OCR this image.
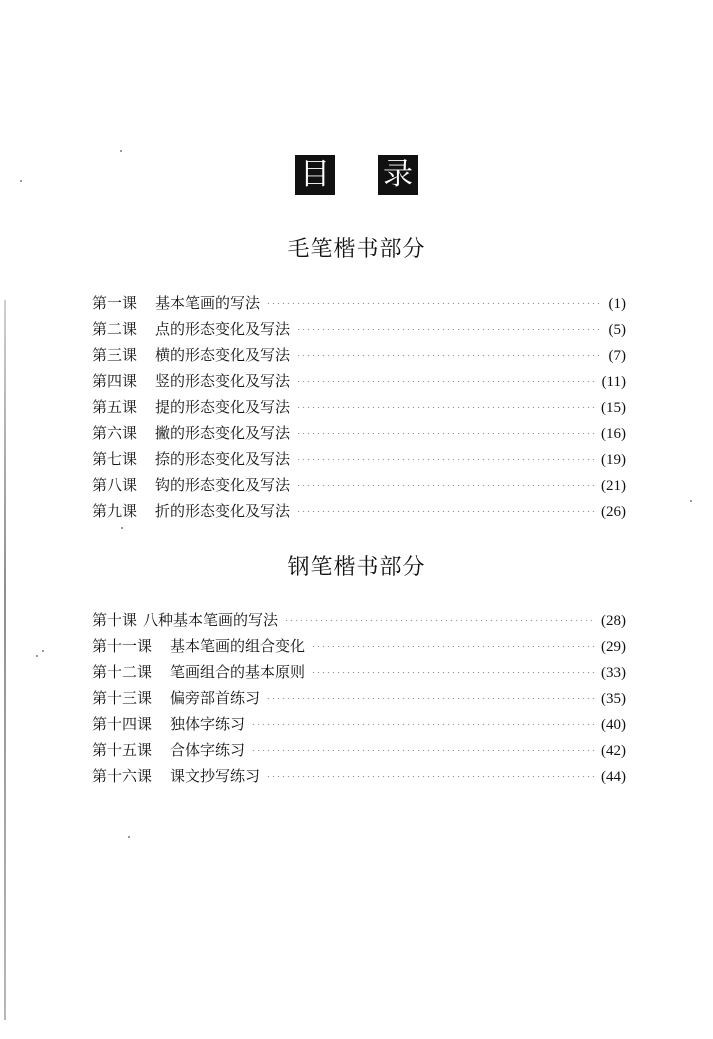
目 录
毛笔楷书部分
第一课 基本笔画的写法	(1)
第二课 点的形态变化及写法	(5)
第三课 横的形态变化及写法	(7)
第四课 竖的形态变化及写法	(11)
第五课 提的形态变化及写法	(15)
第六课 撇的形态变化及写法	(16)
第七课 捺的形态变化及写法	(19)
第八课 钩的形态变化及写法	(21)
第九课 折的形态变化及写法	(26)
钢笔楷书部分
第十课 八种基本笔画的写法	(28)
第十一课 基本笔画的组合变化	(29)
第十二课 笔画组合的基本原则	(33)
第十三课 偏旁部首练习	(35)
第十四课 独体字练习	(40)
第十五课 合体字练习	(42)
第十六课 课文抄写练习	(44)
